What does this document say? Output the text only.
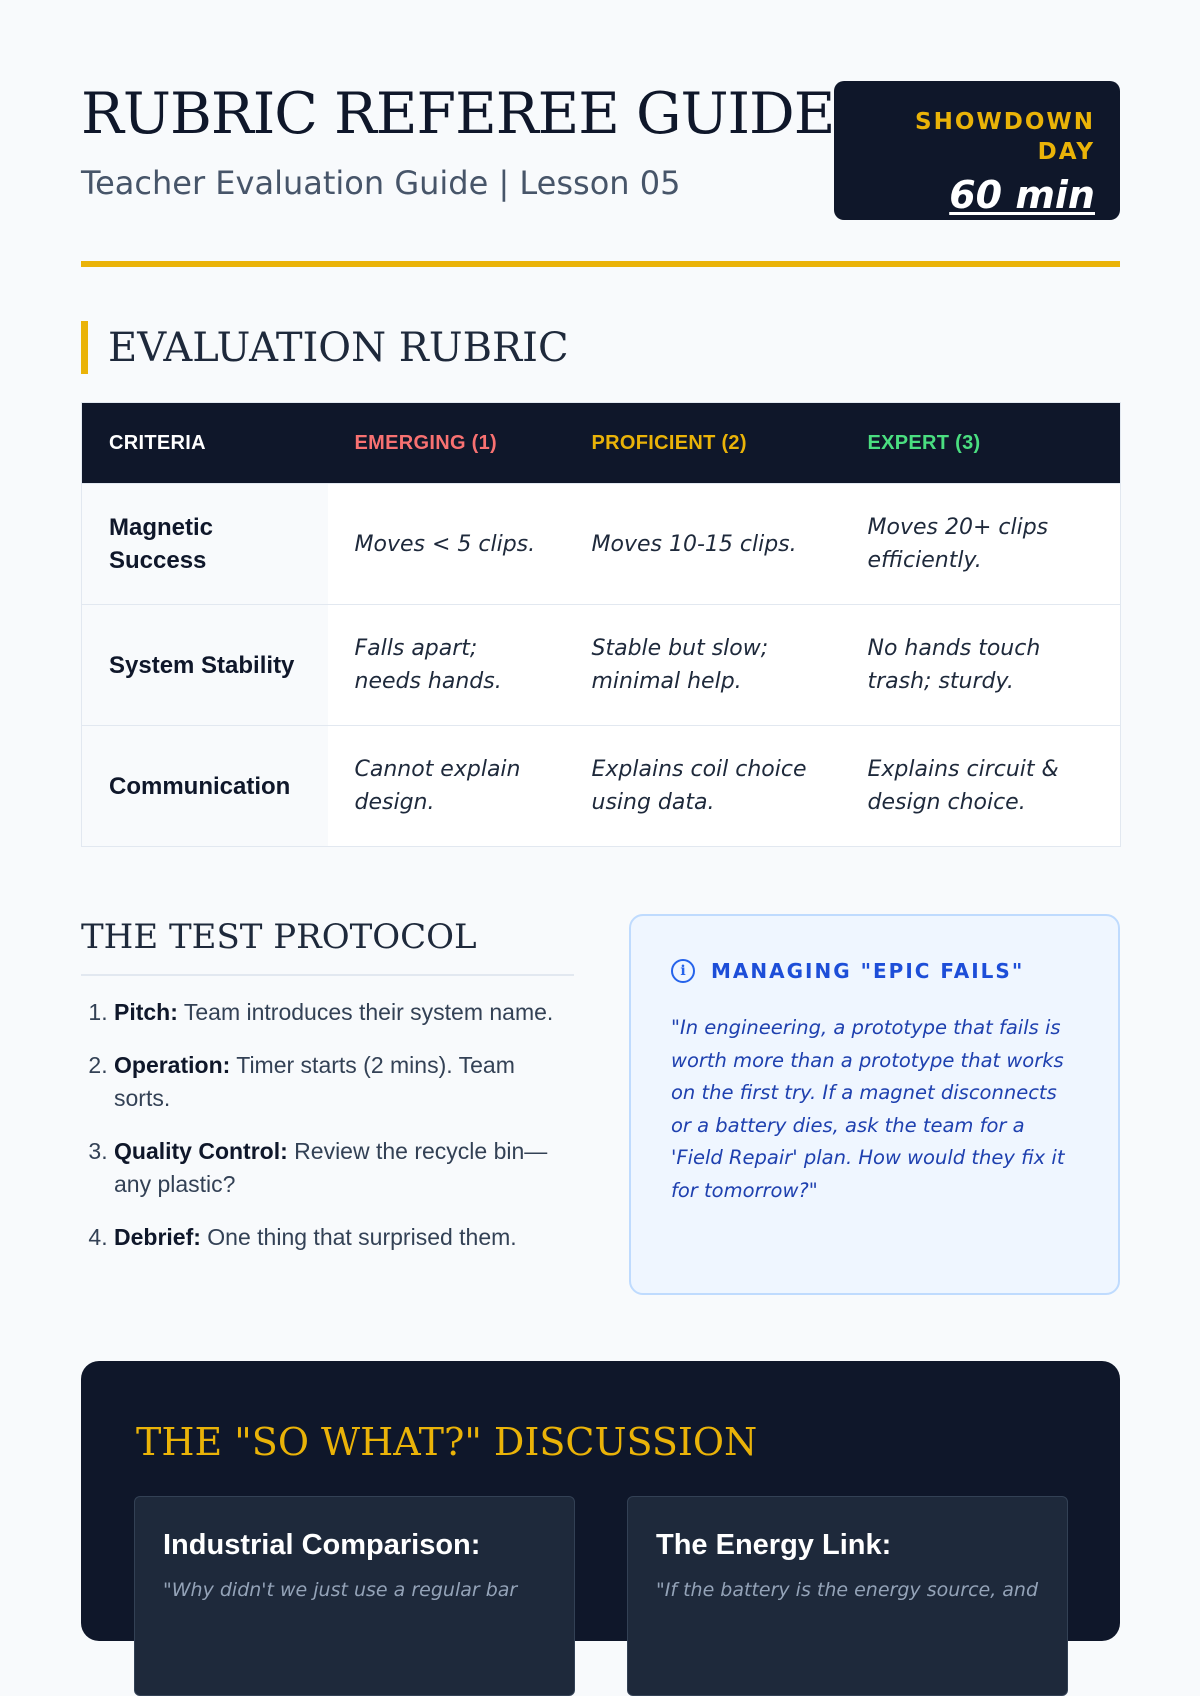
RUBRIC REFEREE GUIDE
Teacher Evaluation Guide | Lesson 05
SHOWDOWN DAY
60 min
EVALUATION RUBRIC
CRITERIA	EMERGING (1)	PROFICIENT (2)	EXPERT (3)
Magnetic Success	Moves < 5 clips.	Moves 10-15 clips.	Moves 20+ clips efficiently.
System Stability	Falls apart; needs hands.	Stable but slow; minimal help.	No hands touch trash; sturdy.
Communication	Cannot explain design.	Explains coil choice using data.	Explains circuit & design choice.
THE TEST PROTOCOL
1. Pitch: Team introduces their system name.
2. Operation: Timer starts (2 mins). Team sorts.
3. Quality Control: Review the recycle bin—any plastic?
4. Debrief: One thing that surprised them.
i	MANAGING "EPIC FAILS"
"In engineering, a prototype that fails is worth more than a prototype that works on the first try. If a magnet disconnects or a battery dies, ask the team for a 'Field Repair' plan. How would they fix it for tomorrow?"
THE "SO WHAT?" DISCUSSION
Industrial Comparison:
"Why didn't we just use a regular bar
The Energy Link:
"If the battery is the energy source, and
